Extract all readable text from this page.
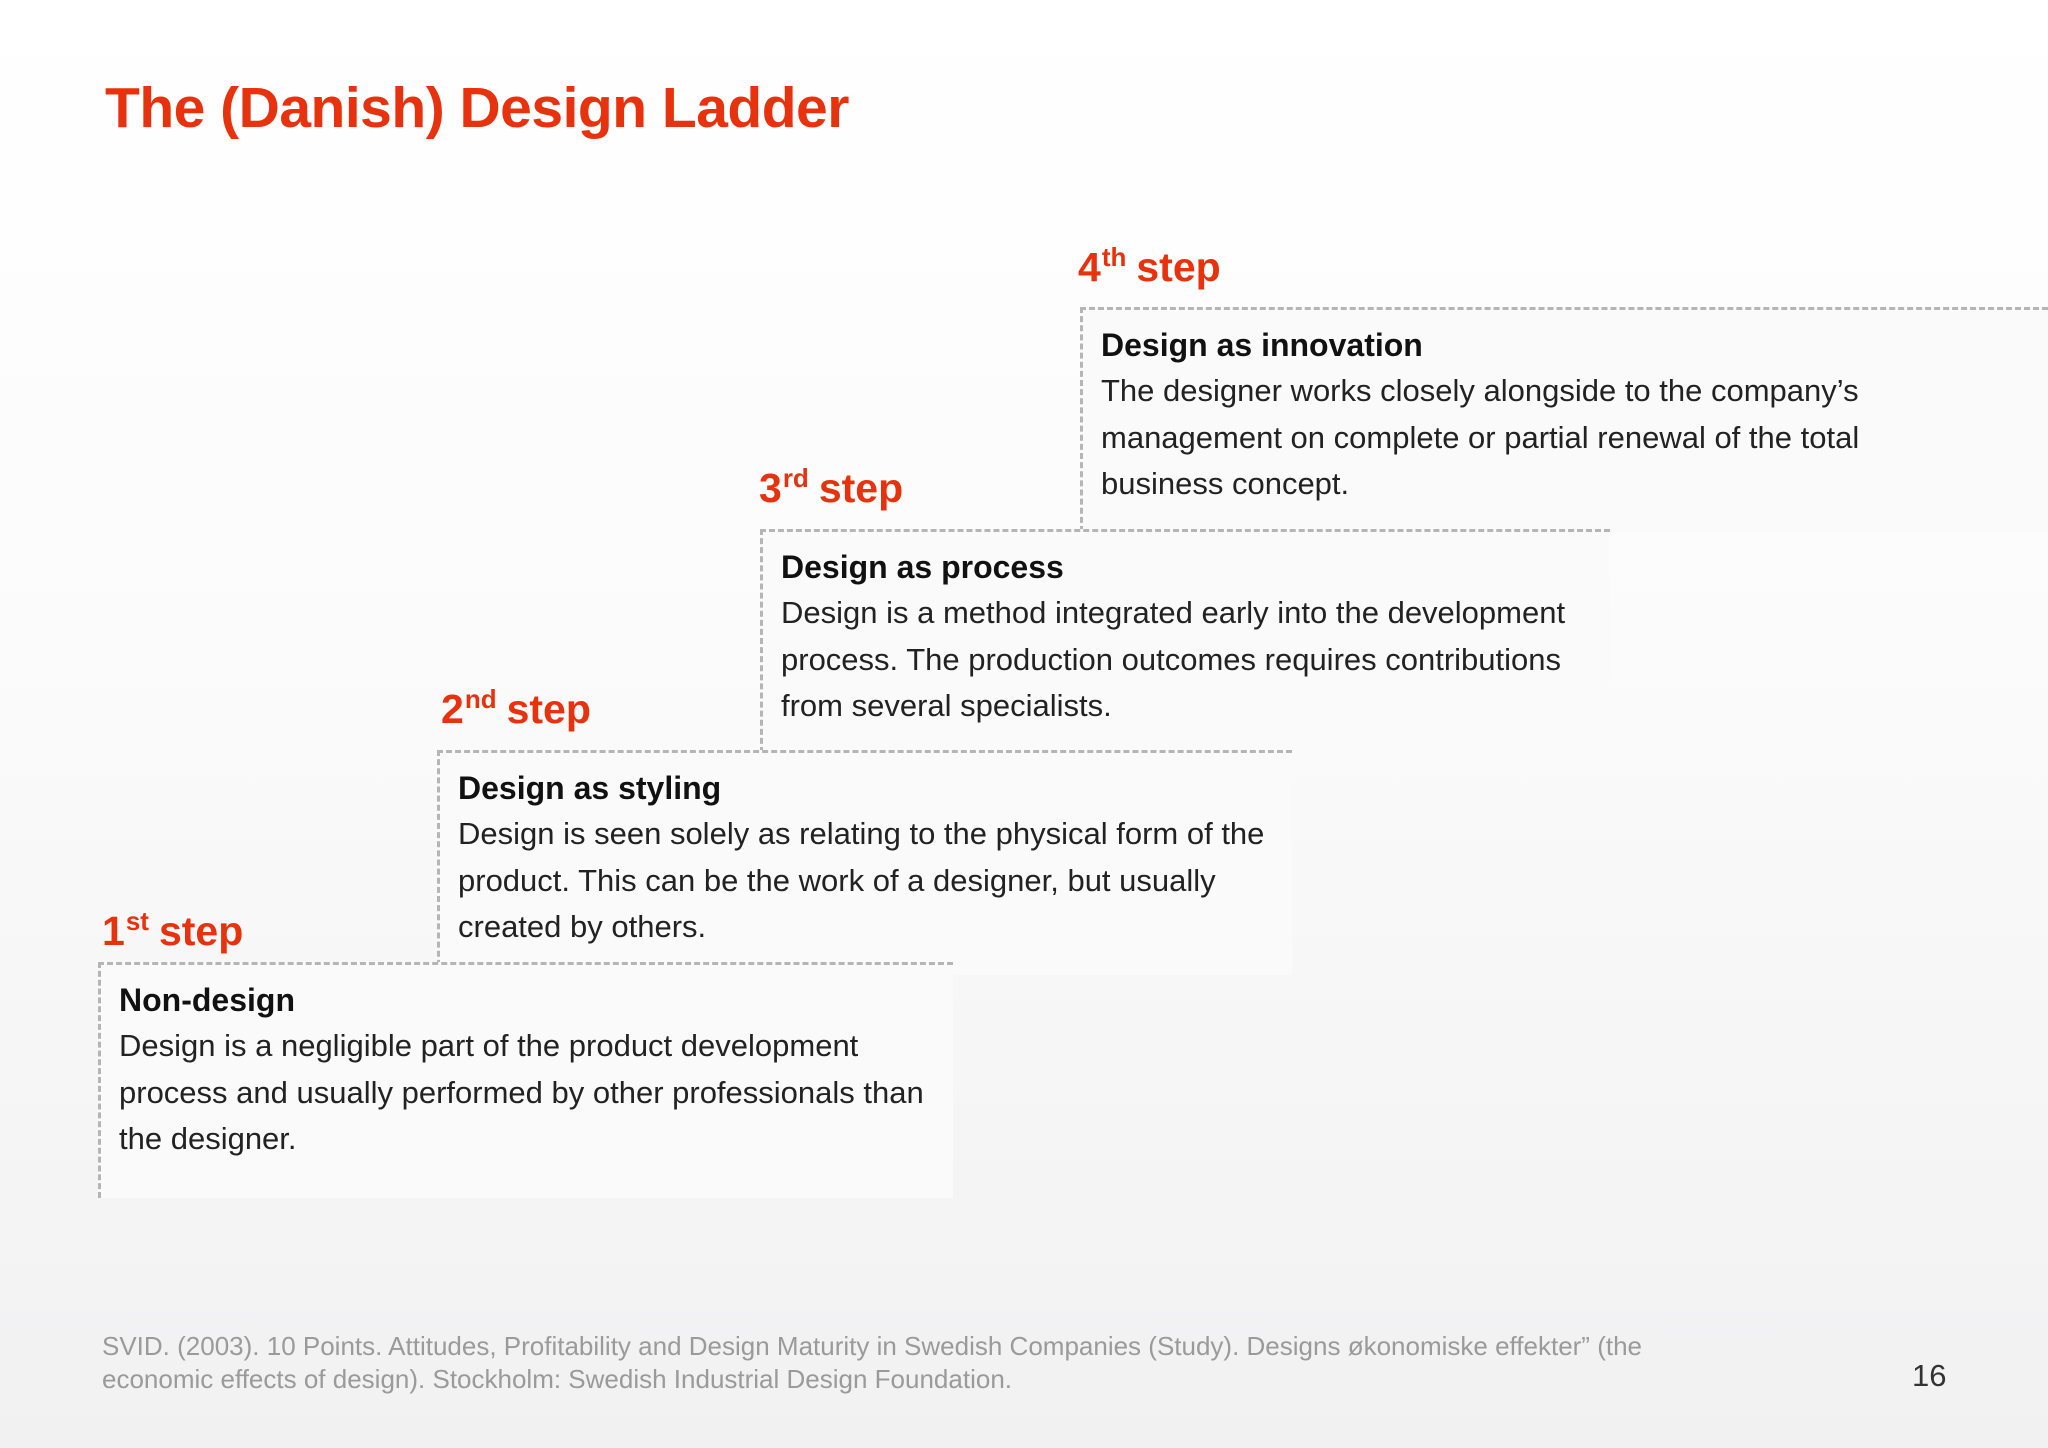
The (Danish) Design Ladder
4th step
Design as innovation
The designer works closely alongside to the company’s management on complete or partial renewal of the total business concept.
3rd step
Design as process
Design is a method integrated early into the development process. The production outcomes requires contributions from several specialists.
2nd step
Design as styling
Design is seen solely as relating to the physical form of the product. This can be the work of a designer, but usually created by others.
1st step
Non-design
Design is a negligible part of the product development process and usually performed by other professionals than the designer.
SVID. (2003). 10 Points. Attitudes, Profitability and Design Maturity in Swedish Companies (Study). Designs økonomiske effekter” (the economic effects of design). Stockholm: Swedish Industrial Design Foundation.	16
